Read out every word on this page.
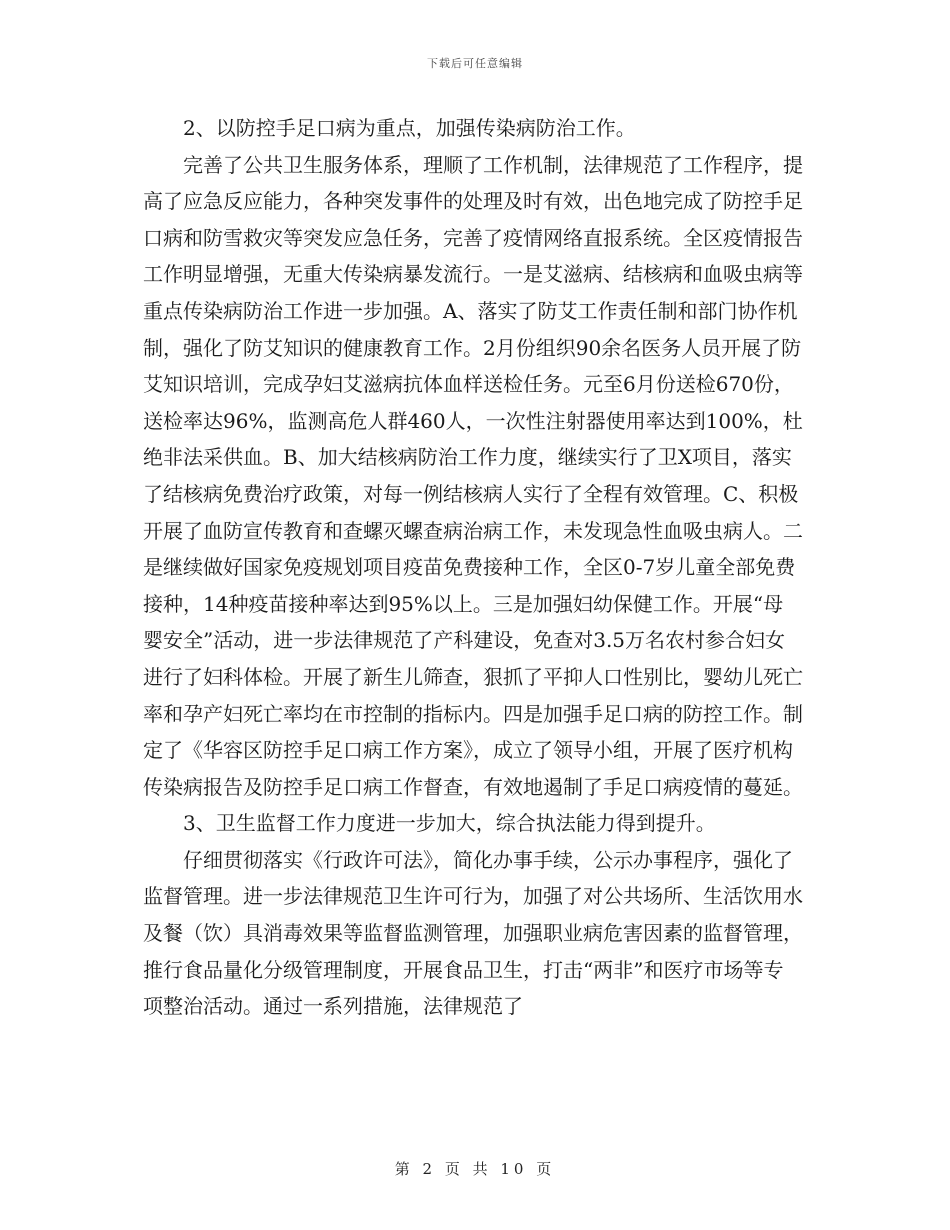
下载后可任意编辑

2、以防控手足口病为重点，加强传染病防治工作。

完善了公共卫生服务体系，理顺了工作机制，法律规范了工作程序，提高了应急反应能力，各种突发事件的处理及时有效，出色地完成了防控手足口病和防雪救灾等突发应急任务，完善了疫情网络直报系统。全区疫情报告工作明显增强，无重大传染病暴发流行。一是艾滋病、结核病和血吸虫病等重点传染病防治工作进一步加强。A、落实了防艾工作责任制和部门协作机制，强化了防艾知识的健康教育工作。2月份组织90余名医务人员开展了防艾知识培训，完成孕妇艾滋病抗体血样送检任务。元至6月份送检670份，送检率达96%，监测高危人群460人，一次性注射器使用率达到100%，杜绝非法采供血。B、加大结核病防治工作力度，继续实行了卫X项目，落实了结核病免费治疗政策，对每一例结核病人实行了全程有效管理。C、积极开展了血防宣传教育和查螺灭螺查病治病工作，未发现急性血吸虫病人。二是继续做好国家免疫规划项目疫苗免费接种工作，全区0-7岁儿童全部免费接种，14种疫苗接种率达到95%以上。三是加强妇幼保健工作。开展“母婴安全”活动，进一步法律规范了产科建设，免查对3.5万名农村参合妇女进行了妇科体检。开展了新生儿筛查，狠抓了平抑人口性别比，婴幼儿死亡率和孕产妇死亡率均在市控制的指标内。四是加强手足口病的防控工作。制定了《华容区防控手足口病工作方案》，成立了领导小组，开展了医疗机构传染病报告及防控手足口病工作督查，有效地遏制了手足口病疫情的蔓延。

3、卫生监督工作力度进一步加大，综合执法能力得到提升。

仔细贯彻落实《行政许可法》，简化办事手续，公示办事程序，强化了监督管理。进一步法律规范卫生许可行为，加强了对公共场所、生活饮用水及餐（饮）具消毒效果等监督监测管理，加强职业病危害因素的监督管理，推行食品量化分级管理制度，开展食品卫生，打击“两非”和医疗市场等专项整治活动。通过一系列措施，法律规范了

第 2 页 共 10 页
